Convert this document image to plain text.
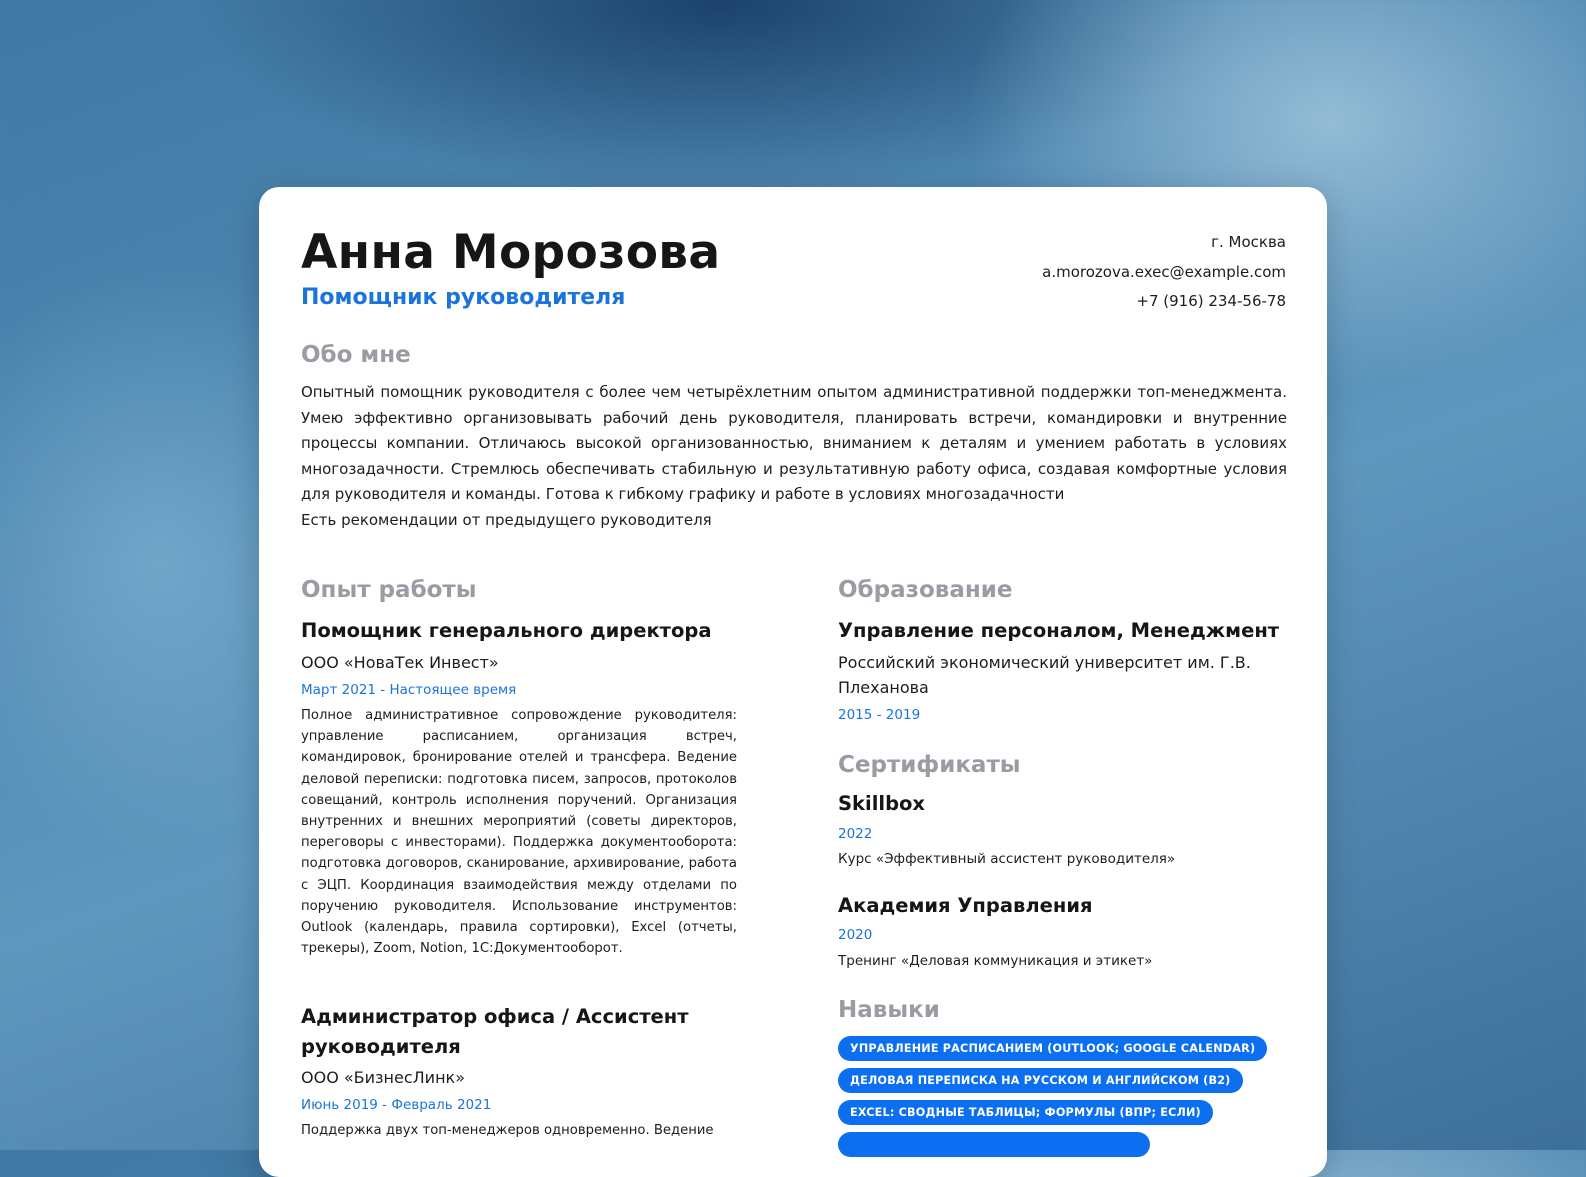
Анна Морозова
Помощник руководителя
г. Москва
a.morozova.exec@example.com
+7 (916) 234-56-78
Обо мне
Опытный помощник руководителя с более чем четырёхлетним опытом административной поддержки топ-менеджмента. Умею эффективно организовывать рабочий день руководителя, планировать встречи, командировки и внутренние процессы компании. Отличаюсь высокой организованностью, вниманием к деталям и умением работать в условиях многозадачности. Стремлюсь обеспечивать стабильную и результативную работу офиса, создавая комфортные условия для руководителя и команды. Готова к гибкому графику и работе в условиях многозадачности
Есть рекомендации от предыдущего руководителя
Опыт работы
Помощник генерального директора
ООО «НоваТек Инвест»
Март 2021 - Настоящее время

Полное административное сопровождение руководителя: управление расписанием, организация встреч, командировок, бронирование отелей и трансфера. Ведение деловой переписки: подготовка писем, запросов, протоколов совещаний, контроль исполнения поручений. Организация внутренних и внешних мероприятий (советы директоров, переговоры с инвесторами). Поддержка документооборота: подготовка договоров, сканирование, архивирование, работа с ЭЦП. Координация взаимодействия между отделами по поручению руководителя. Использование инструментов: Outlook (календарь, правила сортировки), Excel (отчеты, трекеры), Zoom, Notion, 1С:Документооборот.

Администратор офиса / Ассистент
руководителя
ООО «БизнесЛинк»
Июнь 2019 - Февраль 2021

Поддержка двух топ-менеджеров одновременно. Ведение

Образование
Управление персоналом, Менеджмент
Российский экономический университет им. Г.В.
Плеханова
2015 - 2019
Сертификаты
Skillbox
2022
Курс «Эффективный ассистент руководителя»
Академия Управления
2020
Тренинг «Деловая коммуникация и этикет»
Навыки
УПРАВЛЕНИЕ РАСПИСАНИЕМ (OUTLOOK; GOOGLE CALENDAR)
ДЕЛОВАЯ ПЕРЕПИСКА НА РУССКОМ И АНГЛИЙСКОМ (B2)
EXCEL: СВОДНЫЕ ТАБЛИЦЫ; ФОРМУЛЫ (ВПР; ЕСЛИ)
